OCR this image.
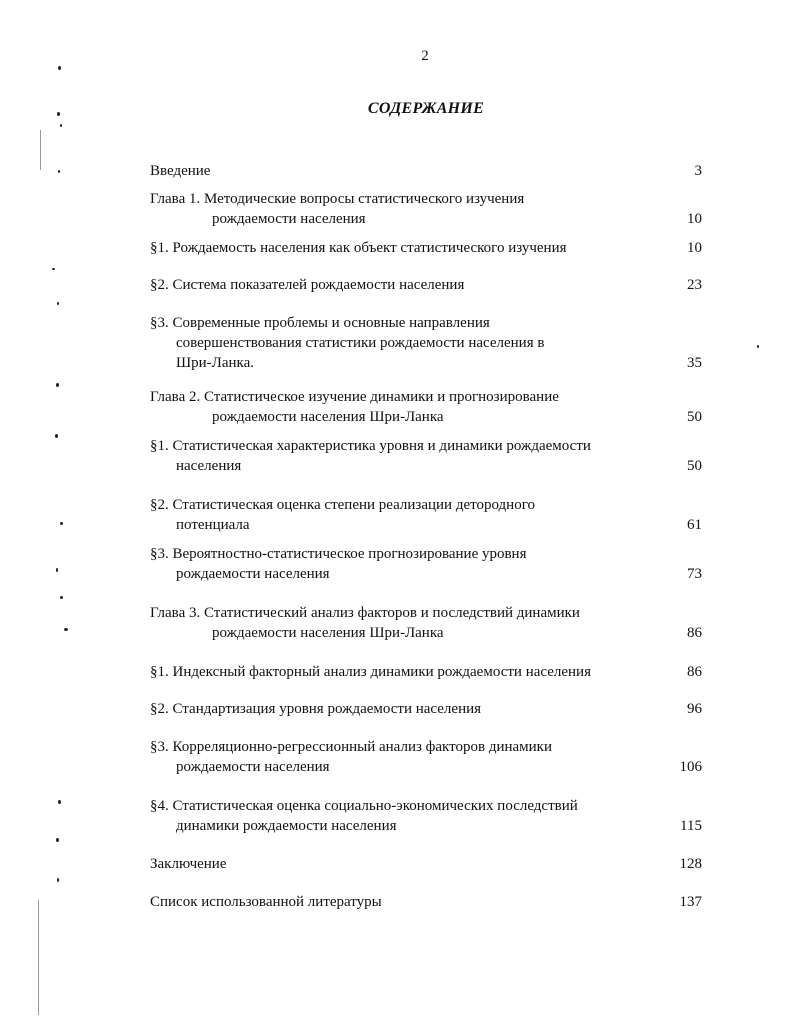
2
СОДЕРЖАНИЕ
Введение	3
Глава 1. Методические вопросы статистического изучения
рождаемости населения	10
§1. Рождаемость населения как объект статистического изучения	10
§2. Система показателей рождаемости населения	23
§3. Современные проблемы и основные направления
совершенствования статистики рождаемости населения в
Шри-Ланка.	35
Глава 2. Статистическое изучение динамики и прогнозирование
рождаемости населения Шри-Ланка	50
§1. Статистическая характеристика уровня и динамики рождаемости
населения	50
§2. Статистическая оценка степени реализации детородного
потенциала	61
§3. Вероятностно-статистическое прогнозирование уровня
рождаемости населения	73
Глава 3. Статистический анализ факторов и последствий динамики
рождаемости населения Шри-Ланка	86
§1. Индексный факторный анализ динамики рождаемости населения	86
§2. Стандартизация уровня рождаемости населения	96
§3. Корреляционно-регрессионный анализ факторов динамики
рождаемости населения	106
§4. Статистическая оценка социально-экономических последствий
динамики рождаемости населения	115
Заключение	128
Список использованной литературы	137
